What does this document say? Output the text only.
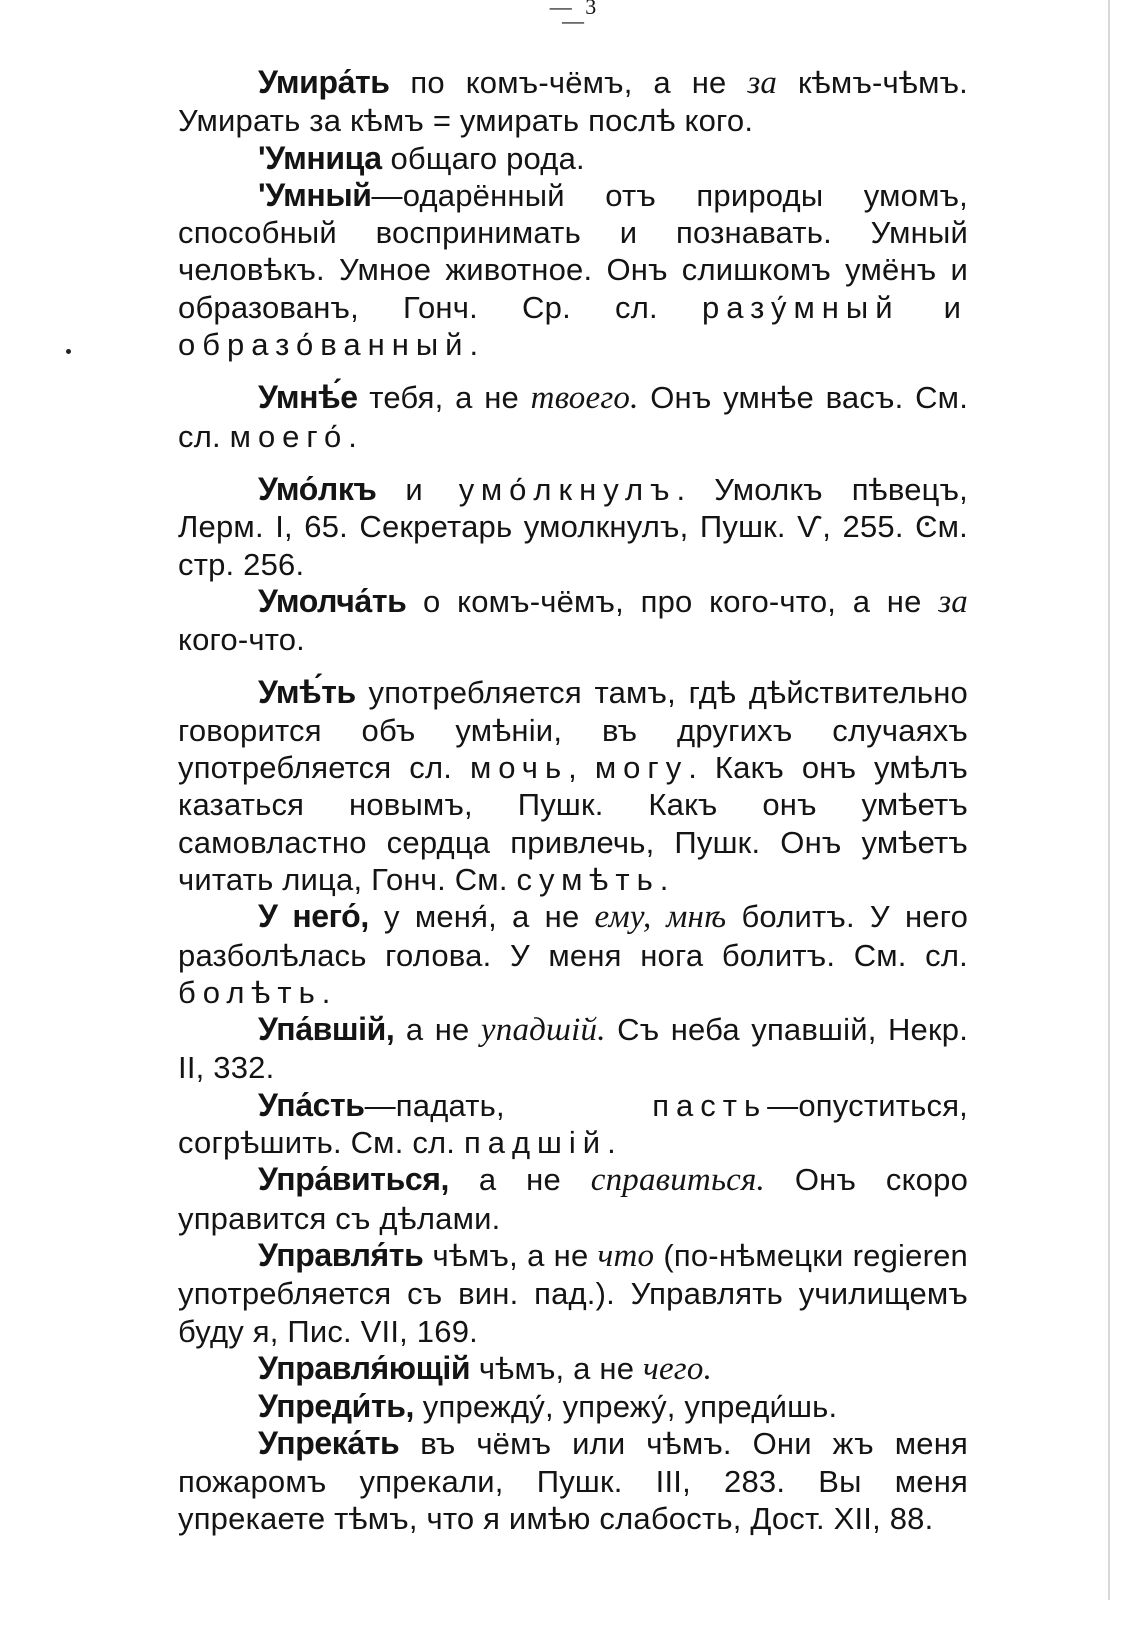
— 3 —

Умира́ть по комъ-чёмъ, а не за кѣмъ-чѣмъ. Умирать за кѣмъ = умирать послѣ кого.

'Умница общаго рода.

'Умный—одарённый отъ природы умомъ, способный воспринимать и познавать. Умный человѣкъ. Умное животное. Онъ слишкомъ умёнъ и образованъ, Гонч. Ср. сл. разу́мный и образо́ванный.

Умнѣ́е тебя, а не твоего. Онъ умнѣе васъ. См. сл. моего́.

Умо́лкъ и умо́лкнулъ. Умолкъ пѣвецъ, Лерм. I, 65. Секретарь умолкнулъ, Пушк. Ѵ, 255. См. стр. 256.

Умолча́ть о комъ-чёмъ, про кого-что, а не за кого-что.

Умѣ́ть употребляется тамъ, гдѣ дѣйствительно говорится объ умѣніи, въ другихъ случаяхъ употребляется сл. мочь, могу. Какъ онъ умѣлъ казаться новымъ, Пушк. Какъ онъ умѣетъ самовластно сердца привлечь, Пушк. Онъ умѣетъ читать лица, Гонч. См. сумѣть.

У него́, у меня́, а не ему, мнѣ болитъ. У него разболѣлась голова. У меня нога болитъ. См. сл. болѣть.

Упа́вшій, а не упадшій. Съ неба упавшій, Некр. II, 332.

Упа́сть—падать, пасть—опуститься, согрѣшить. См. сл. падшій.

Упра́виться, а не справиться. Онъ скоро управится съ дѣлами.

Управля́ть чѣмъ, а не что (по-нѣмецки regieren употребляется съ вин. пад.). Управлять училищемъ буду я, Пис. VII, 169.

Управля́ющій чѣмъ, а не чего.

Упреди́ть, упрежду́, упрежу́, упреди́шь.

Упрека́ть въ чёмъ или чѣмъ. Они жъ меня пожаромъ упрекали, Пушк. III, 283. Вы меня упрекаете тѣмъ, что я имѣю слабость, Дост. XII, 88.
